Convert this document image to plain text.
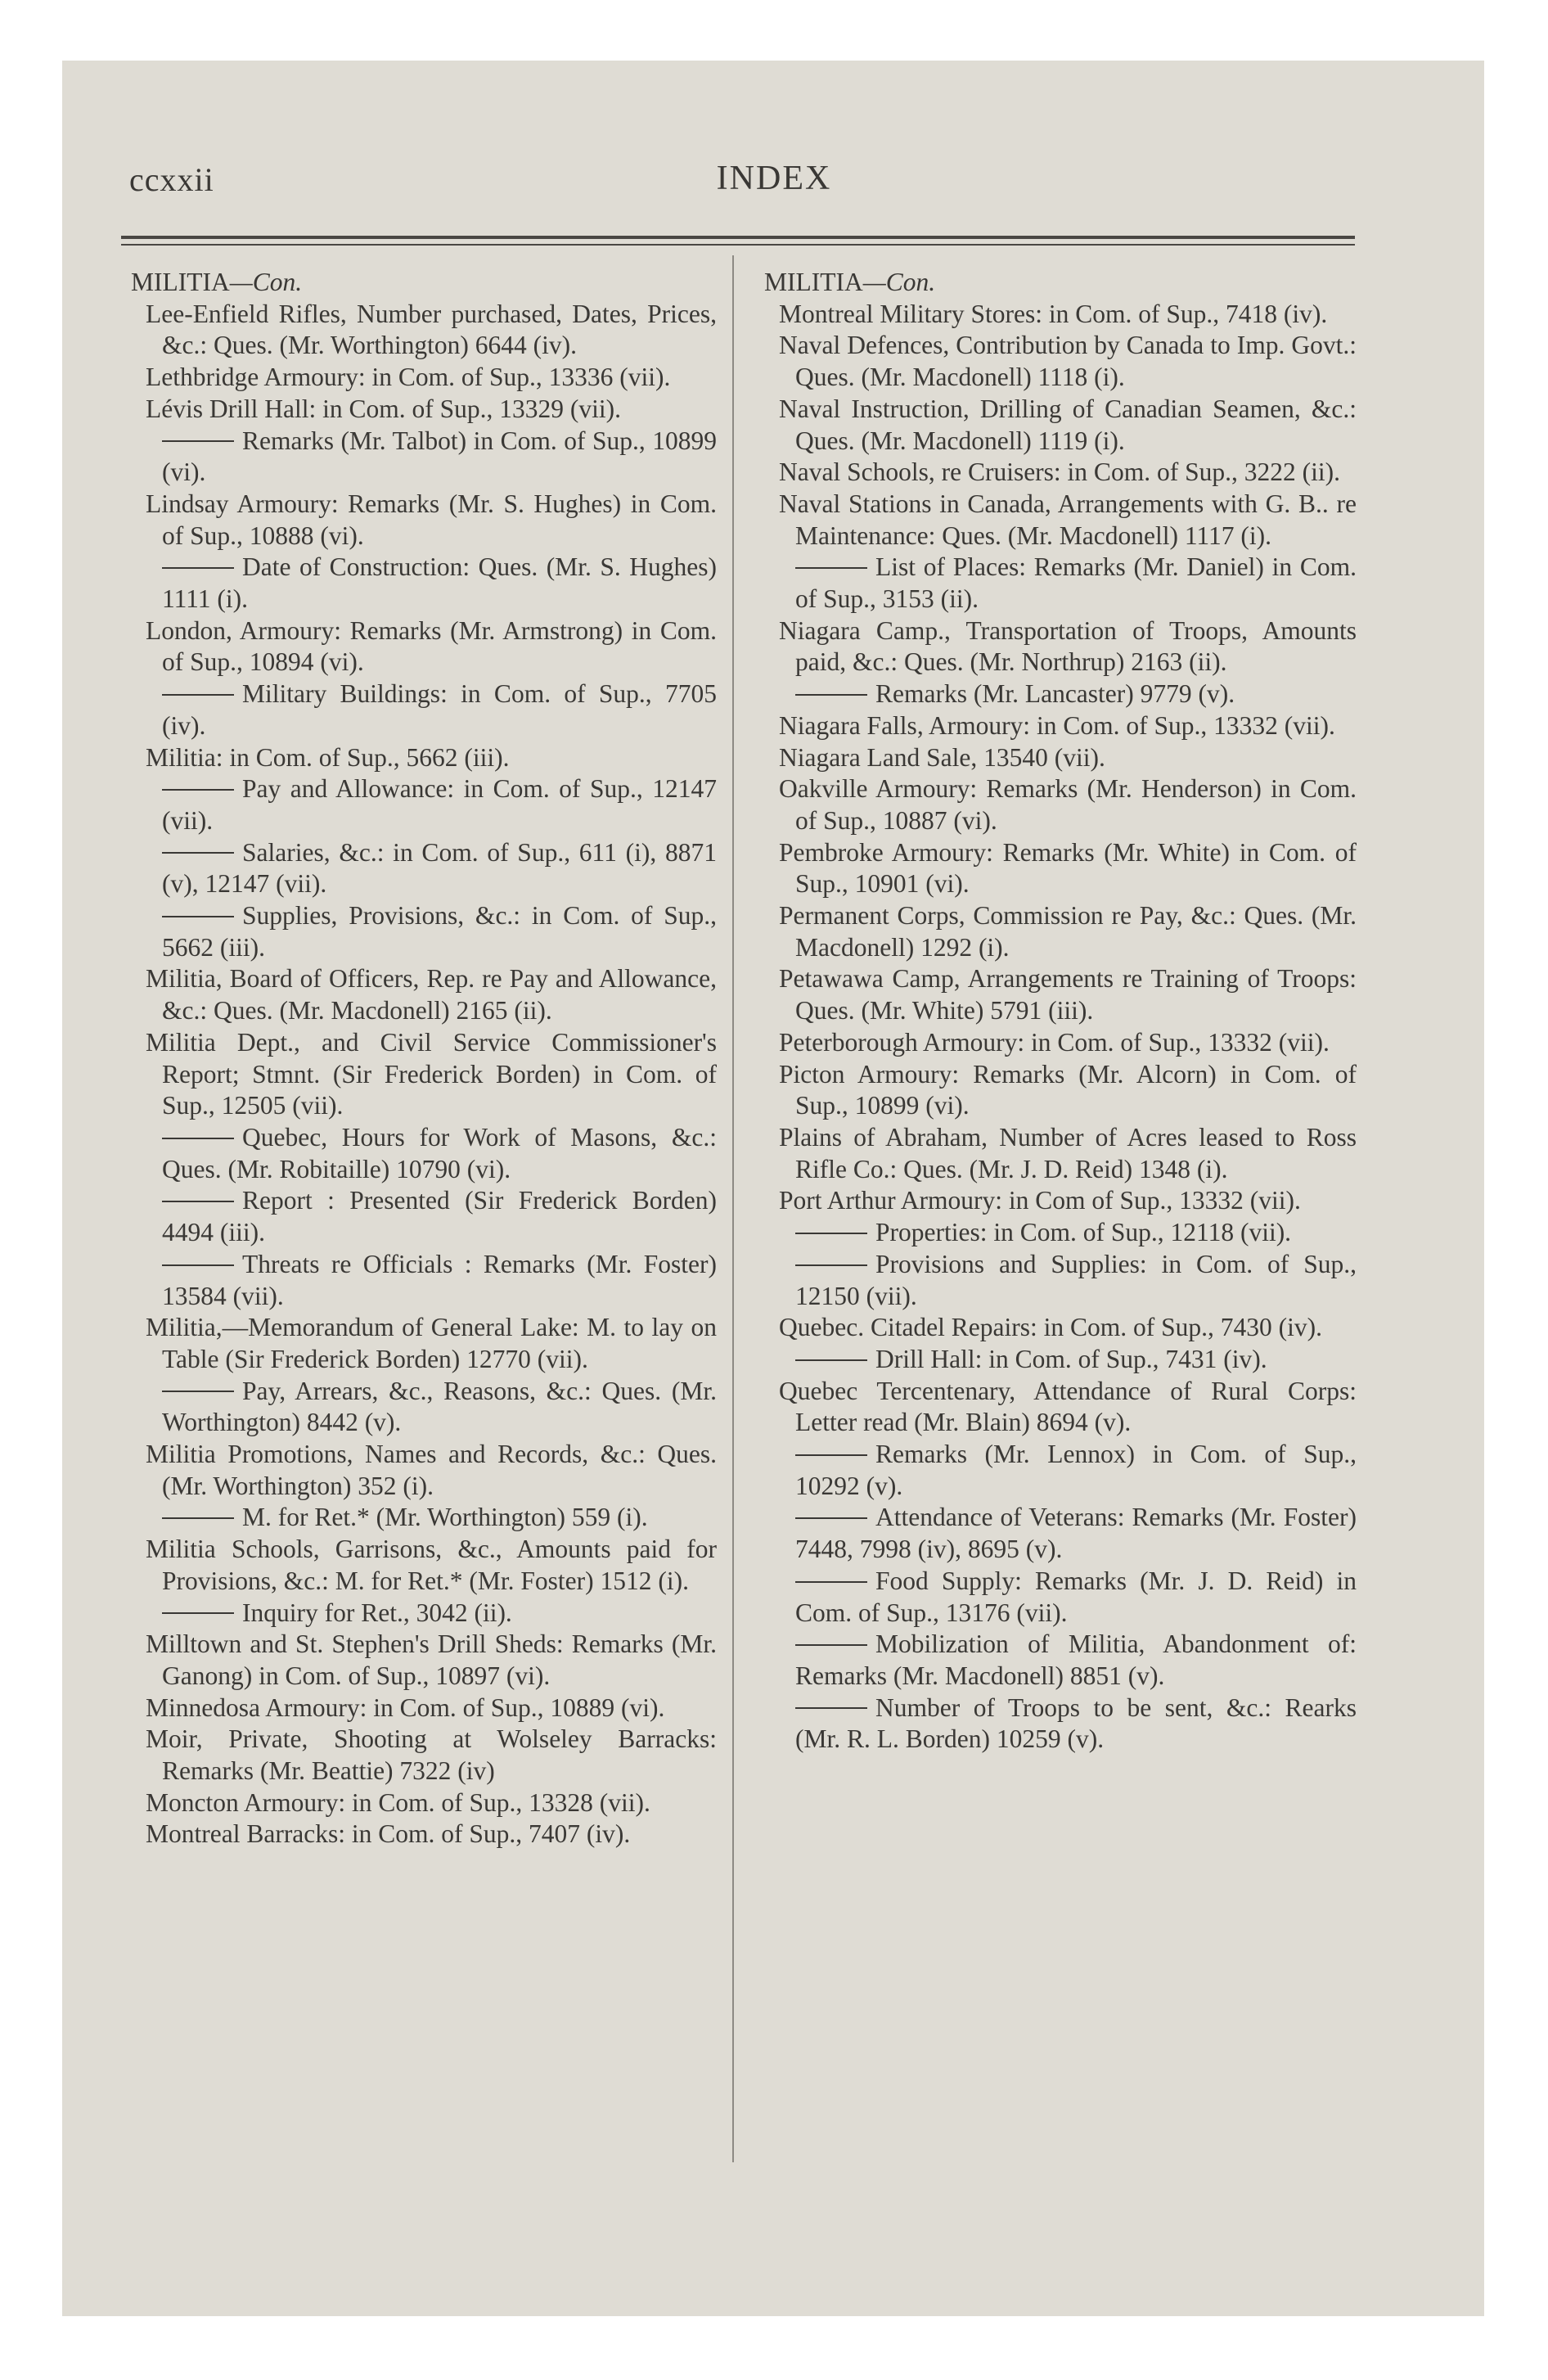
ccxxii	INDEX

MILITIA—Con.

Lee-Enfield Rifles, Number purchased, Dates, Prices, &c.: Ques. (Mr. Worthington) 6644 (iv).

Lethbridge Armoury: in Com. of Sup., 13336 (vii).

Lévis Drill Hall: in Com. of Sup., 13329 (vii).

Remarks (Mr. Talbot) in Com. of Sup., 10899 (vi).

Lindsay Armoury: Remarks (Mr. S. Hughes) in Com. of Sup., 10888 (vi).

Date of Construction: Ques. (Mr. S. Hughes) 1111 (i).

London, Armoury: Remarks (Mr. Armstrong) in Com. of Sup., 10894 (vi).

Military Buildings: in Com. of Sup., 7705 (iv).

Militia: in Com. of Sup., 5662 (iii).

Pay and Allowance: in Com. of Sup., 12147 (vii).

Salaries, &c.: in Com. of Sup., 611 (i), 8871 (v), 12147 (vii).

Supplies, Provisions, &c.: in Com. of Sup., 5662 (iii).

Militia, Board of Officers, Rep. re Pay and Allowance, &c.: Ques. (Mr. Macdonell) 2165 (ii).

Militia Dept., and Civil Service Commissioner's Report; Stmnt. (Sir Frederick Borden) in Com. of Sup., 12505 (vii).

Quebec, Hours for Work of Masons, &c.: Ques. (Mr. Robitaille) 10790 (vi).

Report : Presented (Sir Frederick Borden) 4494 (iii).

Threats re Officials : Remarks (Mr. Foster) 13584 (vii).

Militia,—Memorandum of General Lake: M. to lay on Table (Sir Frederick Borden) 12770 (vii).

Pay, Arrears, &c., Reasons, &c.: Ques. (Mr. Worthington) 8442 (v).

Militia Promotions, Names and Records, &c.: Ques. (Mr. Worthington) 352 (i).

M. for Ret.* (Mr. Worthington) 559 (i).

Militia Schools, Garrisons, &c., Amounts paid for Provisions, &c.: M. for Ret.* (Mr. Foster) 1512 (i).

Inquiry for Ret., 3042 (ii).

Milltown and St. Stephen's Drill Sheds: Remarks (Mr. Ganong) in Com. of Sup., 10897 (vi).

Minnedosa Armoury: in Com. of Sup., 10889 (vi).

Moir, Private, Shooting at Wolseley Barracks: Remarks (Mr. Beattie) 7322 (iv)

Moncton Armoury: in Com. of Sup., 13328 (vii).

Montreal Barracks: in Com. of Sup., 7407 (iv).

MILITIA—Con.

Montreal Military Stores: in Com. of Sup., 7418 (iv).

Naval Defences, Contribution by Canada to Imp. Govt.: Ques. (Mr. Macdonell) 1118 (i).

Naval Instruction, Drilling of Canadian Seamen, &c.: Ques. (Mr. Macdonell) 1119 (i).

Naval Schools, re Cruisers: in Com. of Sup., 3222 (ii).

Naval Stations in Canada, Arrangements with G. B.. re Maintenance: Ques. (Mr. Macdonell) 1117 (i).

List of Places: Remarks (Mr. Daniel) in Com. of Sup., 3153 (ii).

Niagara Camp., Transportation of Troops, Amounts paid, &c.: Ques. (Mr. Northrup) 2163 (ii).

Remarks (Mr. Lancaster) 9779 (v).

Niagara Falls, Armoury: in Com. of Sup., 13332 (vii).

Niagara Land Sale, 13540 (vii).

Oakville Armoury: Remarks (Mr. Henderson) in Com. of Sup., 10887 (vi).

Pembroke Armoury: Remarks (Mr. White) in Com. of Sup., 10901 (vi).

Permanent Corps, Commission re Pay, &c.: Ques. (Mr. Macdonell) 1292 (i).

Petawawa Camp, Arrangements re Training of Troops: Ques. (Mr. White) 5791 (iii).

Peterborough Armoury: in Com. of Sup., 13332 (vii).

Picton Armoury: Remarks (Mr. Alcorn) in Com. of Sup., 10899 (vi).

Plains of Abraham, Number of Acres leased to Ross Rifle Co.: Ques. (Mr. J. D. Reid) 1348 (i).

Port Arthur Armoury: in Com of Sup., 13332 (vii).

Properties: in Com. of Sup., 12118 (vii).

Provisions and Supplies: in Com. of Sup., 12150 (vii).

Quebec. Citadel Repairs: in Com. of Sup., 7430 (iv).

Drill Hall: in Com. of Sup., 7431 (iv).

Quebec Tercentenary, Attendance of Rural Corps: Letter read (Mr. Blain) 8694 (v).

Remarks (Mr. Lennox) in Com. of Sup., 10292 (v).

Attendance of Veterans: Remarks (Mr. Foster) 7448, 7998 (iv), 8695 (v).

Food Supply: Remarks (Mr. J. D. Reid) in Com. of Sup., 13176 (vii).

Mobilization of Militia, Abandonment of: Remarks (Mr. Macdonell) 8851 (v).

Number of Troops to be sent, &c.: Rearks (Mr. R. L. Borden) 10259 (v).
